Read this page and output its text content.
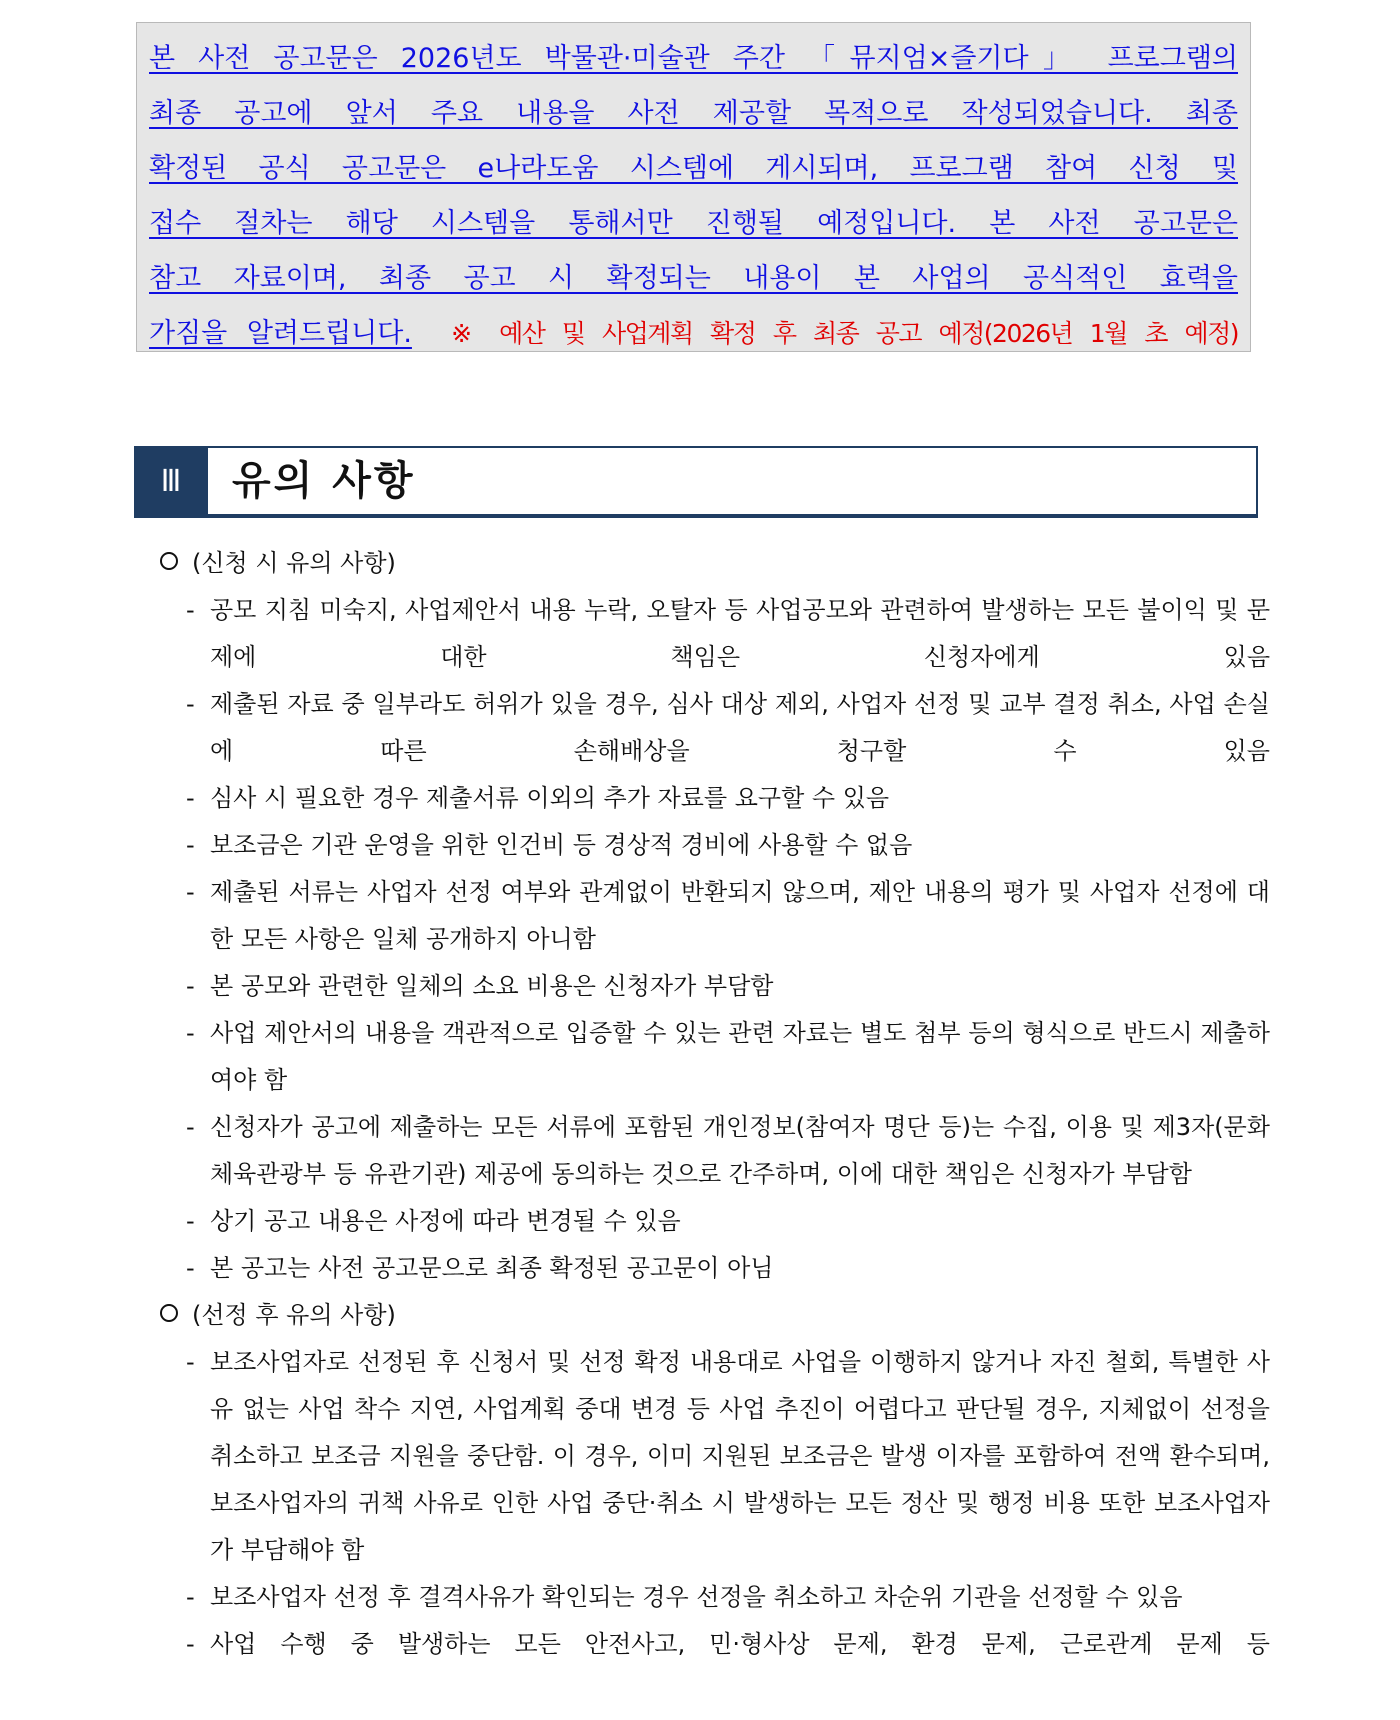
본 사전 공고문은 2026년도 박물관·미술관 주간 「뮤지엄×즐기다」 프로그램의

최종 공고에 앞서 주요 내용을 사전 제공할 목적으로 작성되었습니다. 최종

확정된 공식 공고문은 e나라도움 시스템에 게시되며, 프로그램 참여 신청 및

접수 절차는 해당 시스템을 통해서만 진행될 예정입니다. 본 사전 공고문은

참고 자료이며, 최종 공고 시 확정되는 내용이 본 사업의 공식적인 효력을

가짐을 알려드립니다. ※ 예산 및 사업계획 확정 후 최종 공고 예정(2026년 1월 초 예정)

Ⅲ	유의 사항
(신청 시 유의 사항)
- 공모 지침 미숙지, 사업제안서 내용 누락, 오탈자 등 사업공모와 관련하여 발생하는 모든 불이익 및 문제에 대한 책임은 신청자에게 있음
- 제출된 자료 중 일부라도 허위가 있을 경우, 심사 대상 제외, 사업자 선정 및 교부 결정 취소, 사업 손실에 따른 손해배상을 청구할 수 있음
- 심사 시 필요한 경우 제출서류 이외의 추가 자료를 요구할 수 있음
- 보조금은 기관 운영을 위한 인건비 등 경상적 경비에 사용할 수 없음
- 제출된 서류는 사업자 선정 여부와 관계없이 반환되지 않으며, 제안 내용의 평가 및 사업자 선정에 대한 모든 사항은 일체 공개하지 아니함
- 본 공모와 관련한 일체의 소요 비용은 신청자가 부담함
- 사업 제안서의 내용을 객관적으로 입증할 수 있는 관련 자료는 별도 첨부 등의 형식으로 반드시 제출하여야 함
- 신청자가 공고에 제출하는 모든 서류에 포함된 개인정보(참여자 명단 등)는 수집, 이용 및 제3자(문화체육관광부 등 유관기관) 제공에 동의하는 것으로 간주하며, 이에 대한 책임은 신청자가 부담함
- 상기 공고 내용은 사정에 따라 변경될 수 있음
- 본 공고는 사전 공고문으로 최종 확정된 공고문이 아님
(선정 후 유의 사항)
- 보조사업자로 선정된 후 신청서 및 선정 확정 내용대로 사업을 이행하지 않거나 자진 철회, 특별한 사유 없는 사업 착수 지연, 사업계획 중대 변경 등 사업 추진이 어렵다고 판단될 경우, 지체없이 선정을 취소하고 보조금 지원을 중단함. 이 경우, 이미 지원된 보조금은 발생 이자를 포함하여 전액 환수되며, 보조사업자의 귀책 사유로 인한 사업 중단·취소 시 발생하는 모든 정산 및 행정 비용 또한 보조사업자가 부담해야 함
- 보조사업자 선정 후 결격사유가 확인되는 경우 선정을 취소하고 차순위 기관을 선정할 수 있음
- 사업 수행 중 발생하는 모든 안전사고, 민·형사상 문제, 환경 문제, 근로관계 문제 등
